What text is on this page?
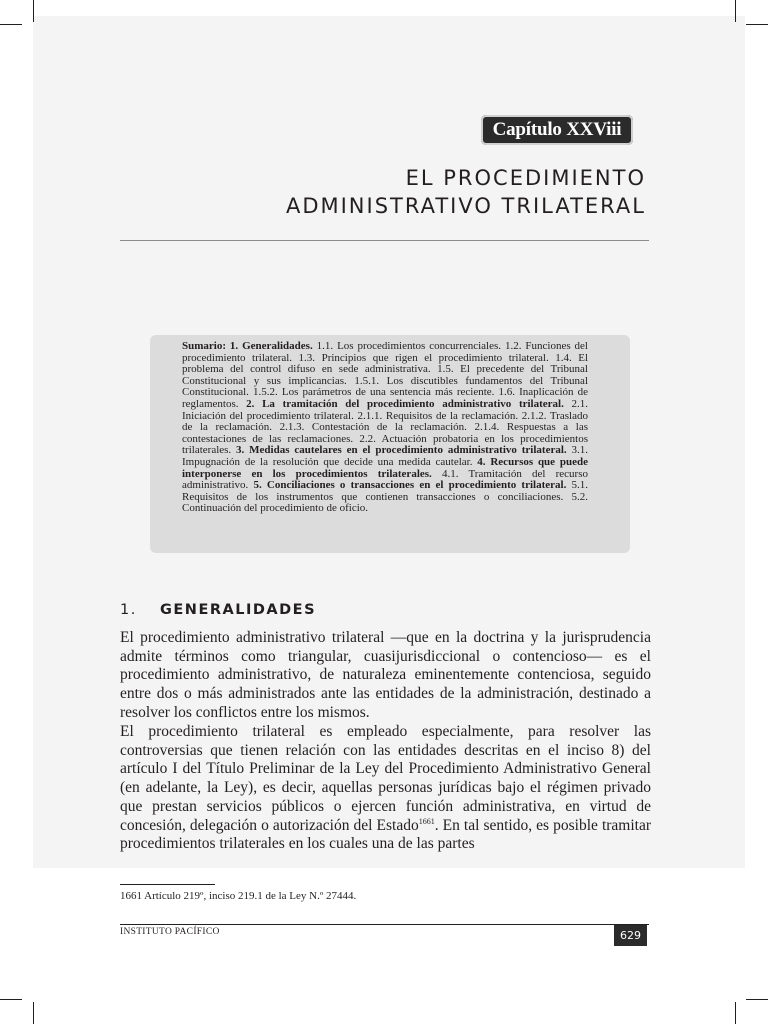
Capítulo XXViii
EL PROCEDIMIENTO
ADMINISTRATIVO TRILATERAL
Sumario: 1. Generalidades. 1.1. Los procedimientos concurrenciales. 1.2. Funciones del procedimiento trilateral. 1.3. Principios que rigen el procedimiento trilateral. 1.4. El problema del control difuso en sede administrativa. 1.5. El precedente del Tribunal Constitucional y sus implicancias. 1.5.1. Los discutibles fundamentos del Tribunal Constitucional. 1.5.2. Los parámetros de una sentencia más reciente. 1.6. Inaplicación de reglamentos. 2. La tramitación del procedimiento administrativo trilateral. 2.1. Iniciación del procedimiento trilateral. 2.1.1. Requisitos de la reclamación. 2.1.2. Traslado de la reclamación. 2.1.3. Contestación de la reclamación. 2.1.4. Respuestas a las contestaciones de las reclamaciones. 2.2. Actuación probatoria en los procedimientos trilaterales. 3. Medidas cautelares en el procedimiento administrativo trilateral. 3.1. Impugnación de la resolución que decide una medida cautelar. 4. Recursos que puede interponerse en los procedimientos trilaterales. 4.1. Tramitación del recurso administrativo. 5. Conciliaciones o transacciones en el procedimiento trilateral. 5.1. Requisitos de los instrumentos que contienen transacciones o conciliaciones. 5.2. Continuación del procedimiento de oficio.
1. GENERALIDADES
El procedimiento administrativo trilateral —que en la doctrina y la jurisprudencia admite términos como triangular, cuasijurisdiccional o contencioso— es el procedimiento administrativo, de naturaleza eminentemente contenciosa, seguido entre dos o más administrados ante las entidades de la administración, destinado a resolver los conflictos entre los mismos.
El procedimiento trilateral es empleado especialmente, para resolver las controversias que tienen relación con las entidades descritas en el inciso 8) del artículo I del Título Preliminar de la Ley del Procedimiento Administrativo General (en adelante, la Ley), es decir, aquellas personas jurídicas bajo el régimen privado que prestan servicios públicos o ejercen función administrativa, en virtud de concesión, delegación o autorización del Estado$^{1661}$. En tal sentido, es posible tramitar procedimientos trilaterales en los cuales una de las partes
1661 Artículo 219º, inciso 219.1 de la Ley N.º 27444.
INSTITUTO PACÍFICO	629
